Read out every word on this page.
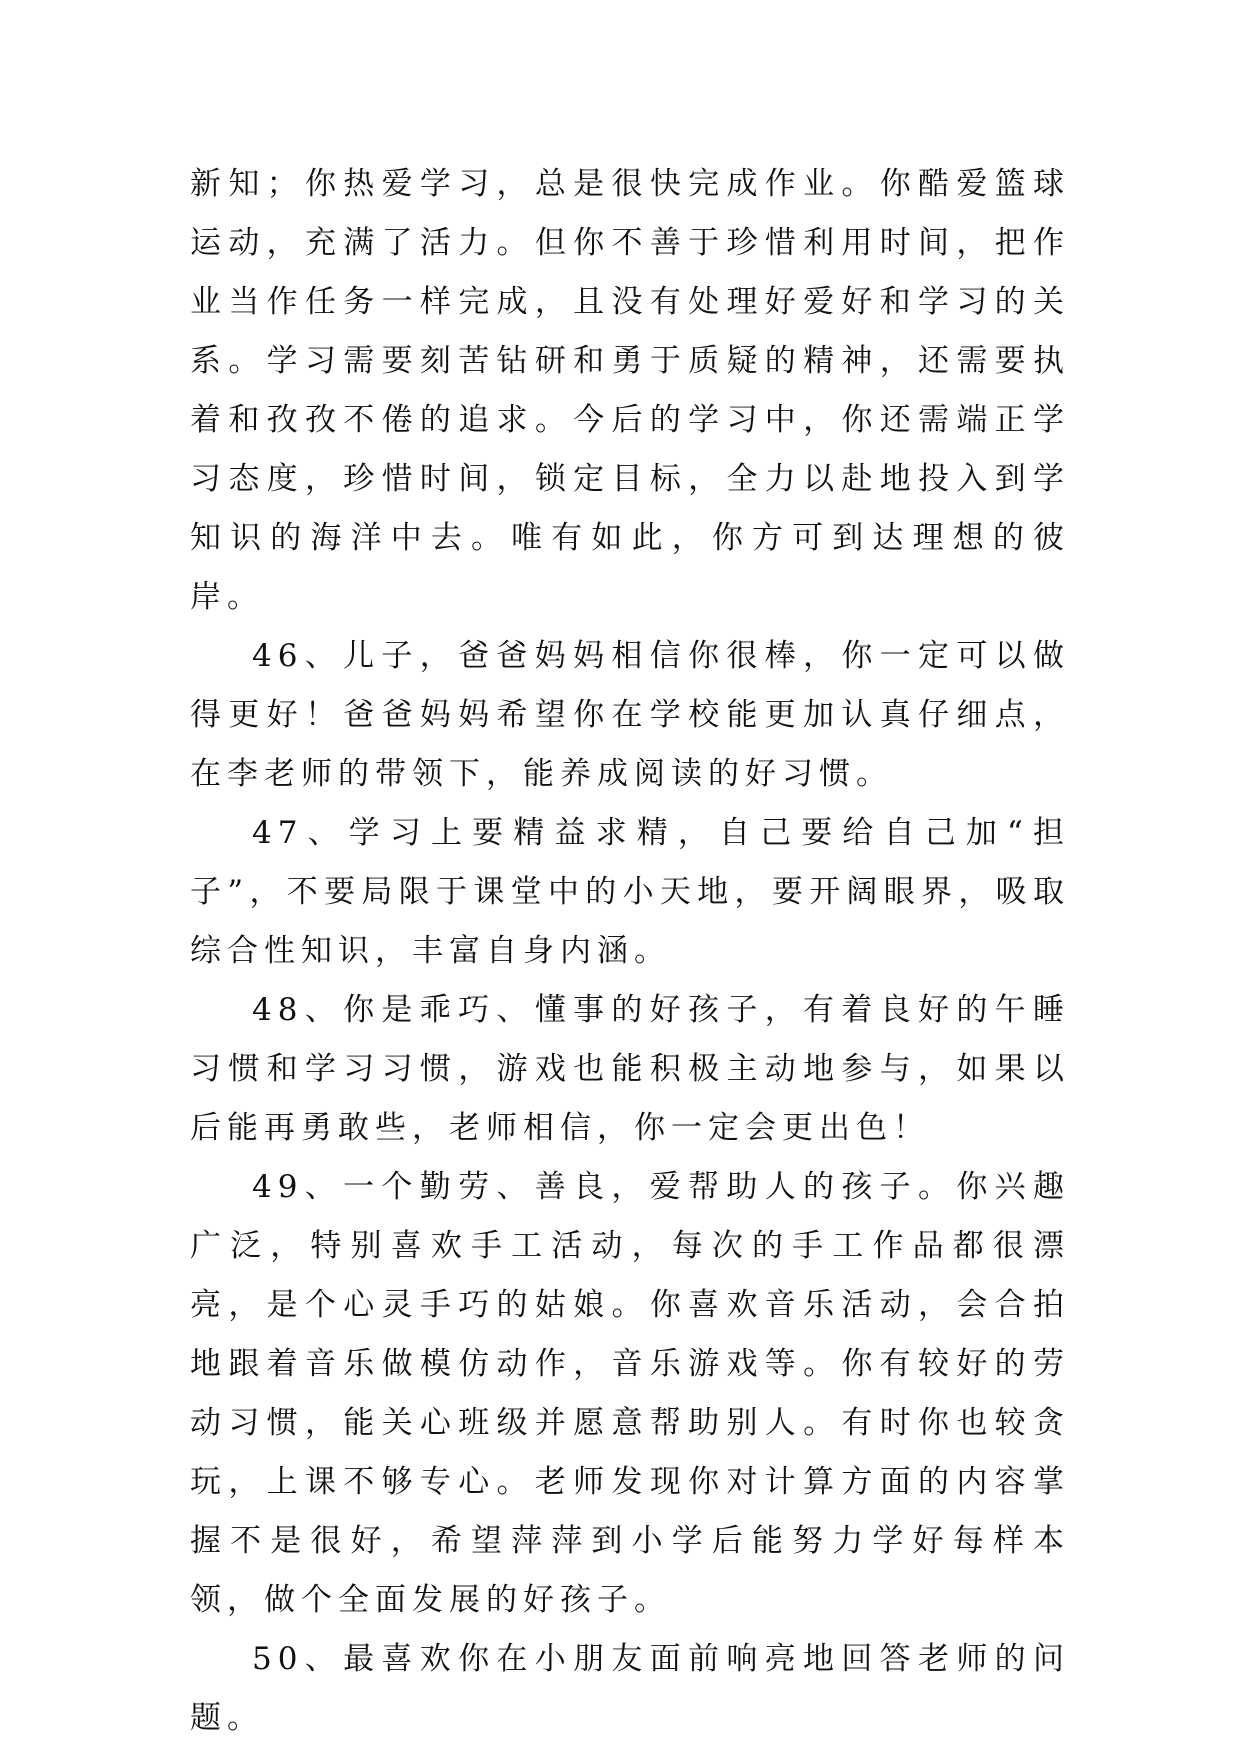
新知；你热爱学习，总是很快完成作业。你酷爱篮球运动，充满了活力。但你不善于珍惜利用时间，把作业当作任务一样完成，且没有处理好爱好和学习的关系。学习需要刻苦钻研和勇于质疑的精神，还需要执着和孜孜不倦的追求。今后的学习中，你还需端正学习态度，珍惜时间，锁定目标，全力以赴地投入到学知识的海洋中去。唯有如此，你方可到达理想的彼岸。

46、儿子，爸爸妈妈相信你很棒，你一定可以做得更好！爸爸妈妈希望你在学校能更加认真仔细点，在李老师的带领下，能养成阅读的好习惯。

47、学习上要精益求精，自己要给自己加“担子”，不要局限于课堂中的小天地，要开阔眼界，吸取综合性知识，丰富自身内涵。

48、你是乖巧、懂事的好孩子，有着良好的午睡习惯和学习习惯，游戏也能积极主动地参与，如果以后能再勇敢些，老师相信，你一定会更出色！

49、一个勤劳、善良，爱帮助人的孩子。你兴趣广泛，特别喜欢手工活动，每次的手工作品都很漂亮，是个心灵手巧的姑娘。你喜欢音乐活动，会合拍地跟着音乐做模仿动作，音乐游戏等。你有较好的劳动习惯，能关心班级并愿意帮助别人。有时你也较贪玩，上课不够专心。老师发现你对计算方面的内容掌握不是很好，希望萍萍到小学后能努力学好每样本领，做个全面发展的好孩子。

50、最喜欢你在小朋友面前响亮地回答老师的问题。
